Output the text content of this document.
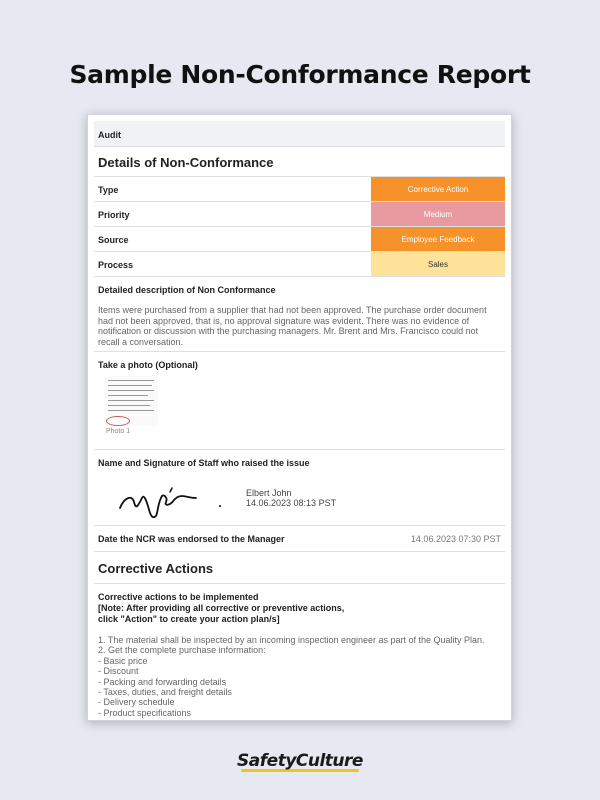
Sample Non-Conformance Report
Audit
Details of Non-Conformance
Type	Corrective Action
Priority	Medium
Source	Employee Feedback
Process	Sales
Detailed description of Non Conformance
Items were purchased from a supplier that had not been approved. The purchase order document had not been approved, that is, no approval signature was evident. There was no evidence of notification or discussion with the purchasing managers. Mr. Brent and Mrs. Francisco could not recall a conversation.
Take a photo (Optional)
Photo 1
Name and Signature of Staff who raised the issue
Elbert John
14.06.2023 08:13 PST
Date the NCR was endorsed to the Manager	14.06.2023 07:30 PST
Corrective Actions
Corrective actions to be implemented
[Note: After providing all corrective or preventive actions,
click "Action" to create your action plan/s]
1. The material shall be inspected by an incoming inspection engineer as part of the Quality Plan.
2. Get the complete purchase information:
- Basic price
- Discount
- Packing and forwarding details
- Taxes, duties, and freight details
- Delivery schedule
- Product specifications
SafetyCulture
